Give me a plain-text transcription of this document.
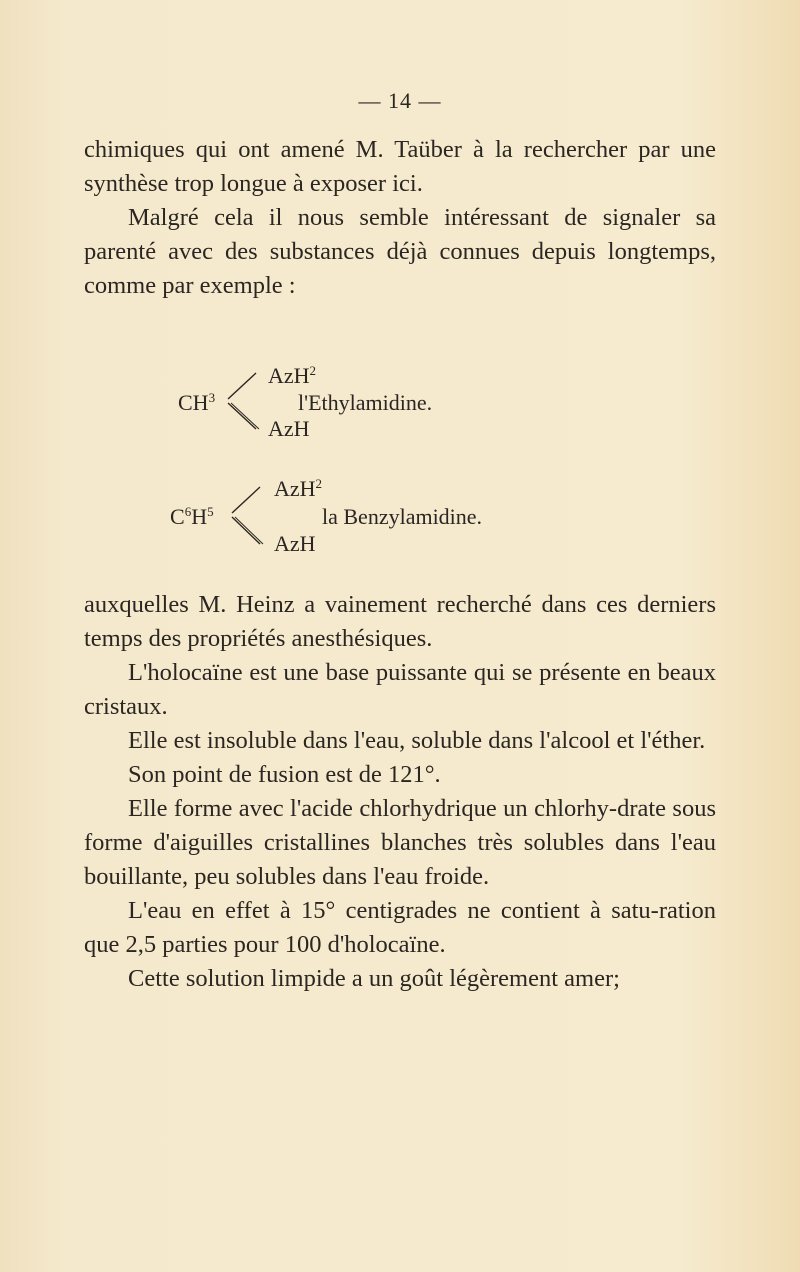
— 14 —

chimiques qui ont amené M. Taüber à la rechercher par une synthèse trop longue à exposer ici.

Malgré cela il nous semble intéressant de signaler sa parenté avec des substances déjà connues depuis longtemps, comme par exemple :

$CH^3$
AzH$^2$
l'Ethylamidine.
AzH
$C^6H^5$
AzH$^2$
la Benzylamidine.
AzH

auxquelles M. Heinz a vainement recherché dans ces derniers temps des propriétés anesthésiques.

L'holocaïne est une base puissante qui se présente en beaux cristaux.

Elle est insoluble dans l'eau, soluble dans l'alcool et l'éther.

Son point de fusion est de 121°.

Elle forme avec l'acide chlorhydrique un chlorhy-drate sous forme d'aiguilles cristallines blanches très solubles dans l'eau bouillante, peu solubles dans l'eau froide.

L'eau en effet à 15° centigrades ne contient à satu-ration que 2,5 parties pour 100 d'holocaïne.

Cette solution limpide a un goût légèrement amer;
